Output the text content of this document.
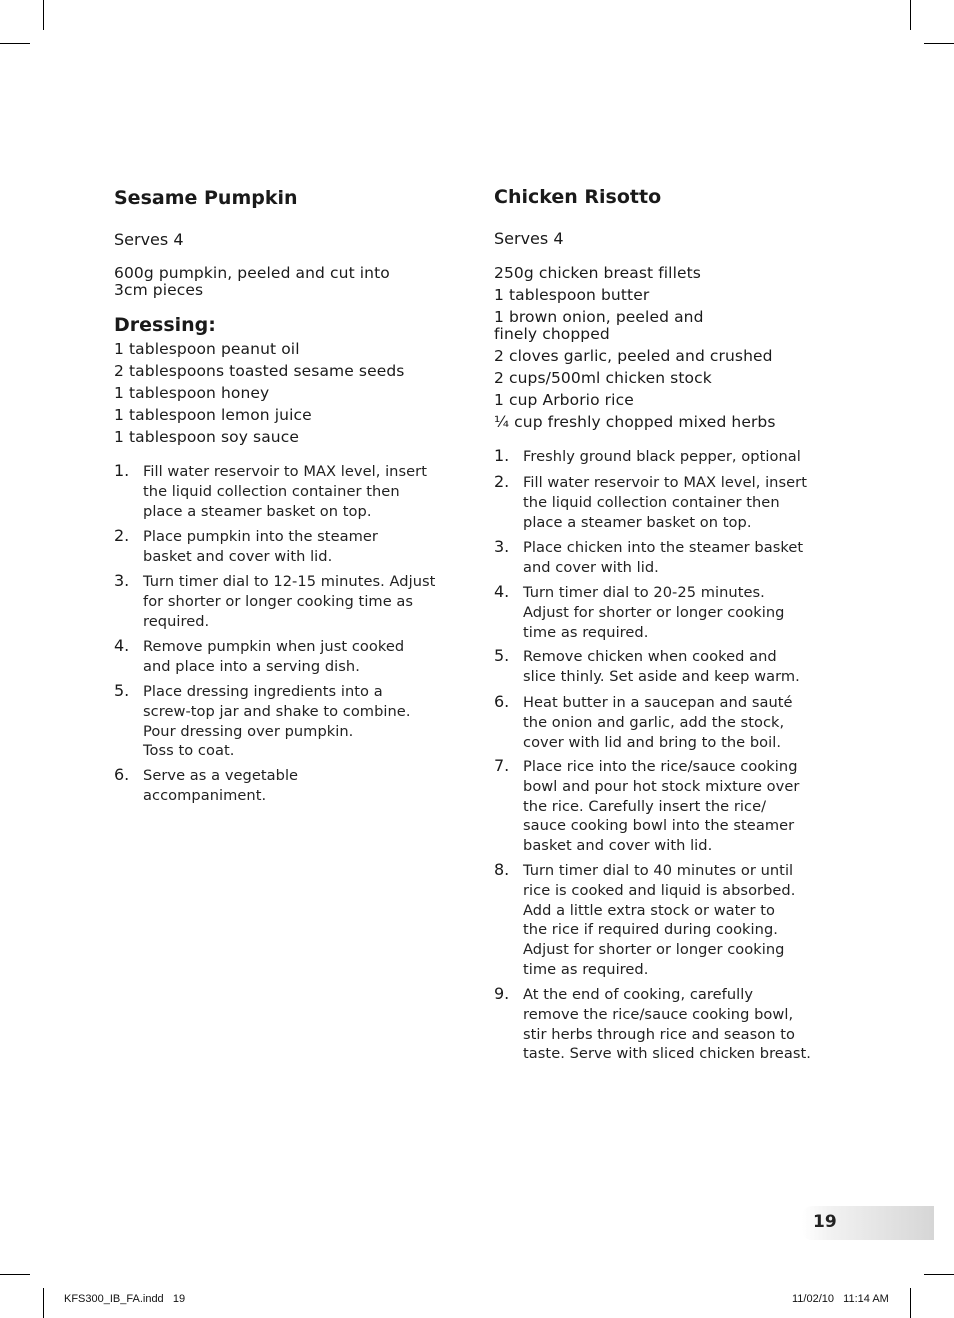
Sesame Pumpkin
Serves 4
600g pumpkin, peeled and cut into
3cm pieces
Dressing:
1 tablespoon peanut oil
2 tablespoons toasted sesame seeds
1 tablespoon honey
1 tablespoon lemon juice
1 tablespoon soy sauce
1. Fill water reservoir to MAX level, insert
the liquid collection container then
place a steamer basket on top.
2. Place pumpkin into the steamer
basket and cover with lid.
3. Turn timer dial to 12-15 minutes. Adjust
for shorter or longer cooking time as
required.
4. Remove pumpkin when just cooked
and place into a serving dish.
5. Place dressing ingredients into a
screw-top jar and shake to combine.
Pour dressing over pumpkin.
Toss to coat.
6. Serve as a vegetable
accompaniment.
Chicken Risotto
Serves 4
250g chicken breast fillets
1 tablespoon butter
1 brown onion, peeled and
finely chopped
2 cloves garlic, peeled and crushed
2 cups/500ml chicken stock
1 cup Arborio rice
¼ cup freshly chopped mixed herbs
1. Freshly ground black pepper, optional
2. Fill water reservoir to MAX level, insert
the liquid collection container then
place a steamer basket on top.
3. Place chicken into the steamer basket
and cover with lid.
4. Turn timer dial to 20-25 minutes.
Adjust for shorter or longer cooking
time as required.
5. Remove chicken when cooked and
slice thinly. Set aside and keep warm.
6. Heat butter in a saucepan and sauté
the onion and garlic, add the stock,
cover with lid and bring to the boil.
7. Place rice into the rice/sauce cooking
bowl and pour hot stock mixture over
the rice. Carefully insert the rice/
sauce cooking bowl into the steamer
basket and cover with lid.
8. Turn timer dial to 40 minutes or until
rice is cooked and liquid is absorbed.
Add a little extra stock or water to
the rice if required during cooking.
Adjust for shorter or longer cooking
time as required.
9. At the end of cooking, carefully
remove the rice/sauce cooking bowl,
stir herbs through rice and season to
taste. Serve with sliced chicken breast.
19
KFS300_IB_FA.indd   19	11/02/10   11:14 AM
